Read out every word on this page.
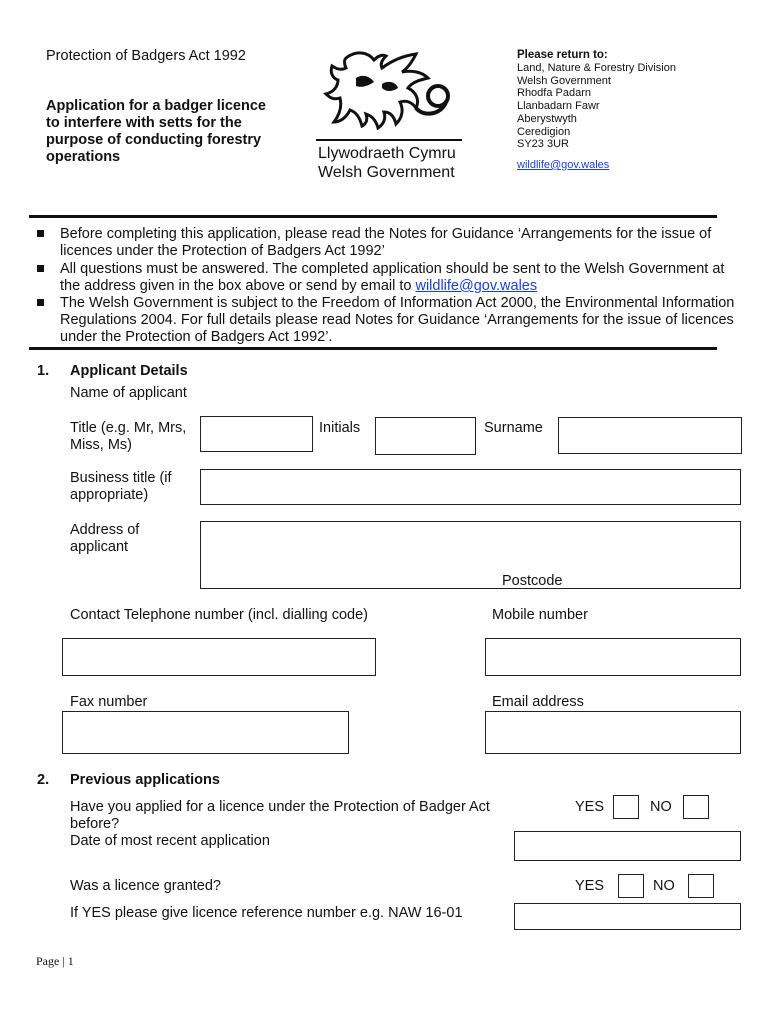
Protection of Badgers Act 1992
Application for a badger licence to interfere with setts for the purpose of conducting forestry operations	Llywodraeth Cymru
Welsh Government
Please return to:
Land, Nature & Forestry Division
Welsh Government
Rhodfa Padarn
Llanbadarn Fawr
Aberystwyth
Ceredigion
SY23 3UR
wildlife@gov.wales
Before completing this application, please read the Notes for Guidance ‘Arrangements for the issue of licences under the Protection of Badgers Act 1992’
All questions must be answered. The completed application should be sent to the Welsh Government at the address given in the box above or send by email to wildlife@gov.wales
The Welsh Government is subject to the Freedom of Information Act 2000, the Environmental Information Regulations 2004. For full details please read Notes for Guidance ‘Arrangements for the issue of licences under the Protection of Badgers Act 1992’.
1. Applicant Details
Name of applicant
Title (e.g. Mr, Mrs, Miss, Ms)
Initials	Surname
Business title (if appropriate)
Address of applicant
Postcode
Contact Telephone number (incl. dialling code)	Mobile number
Fax number	Email address
2. Previous applications
Have you applied for a licence under the Protection of Badger Act before?
YES	NO
Date of most recent application
Was a licence granted?	YES	NO
If YES please give licence reference number e.g. NAW 16-01
Page | 1
